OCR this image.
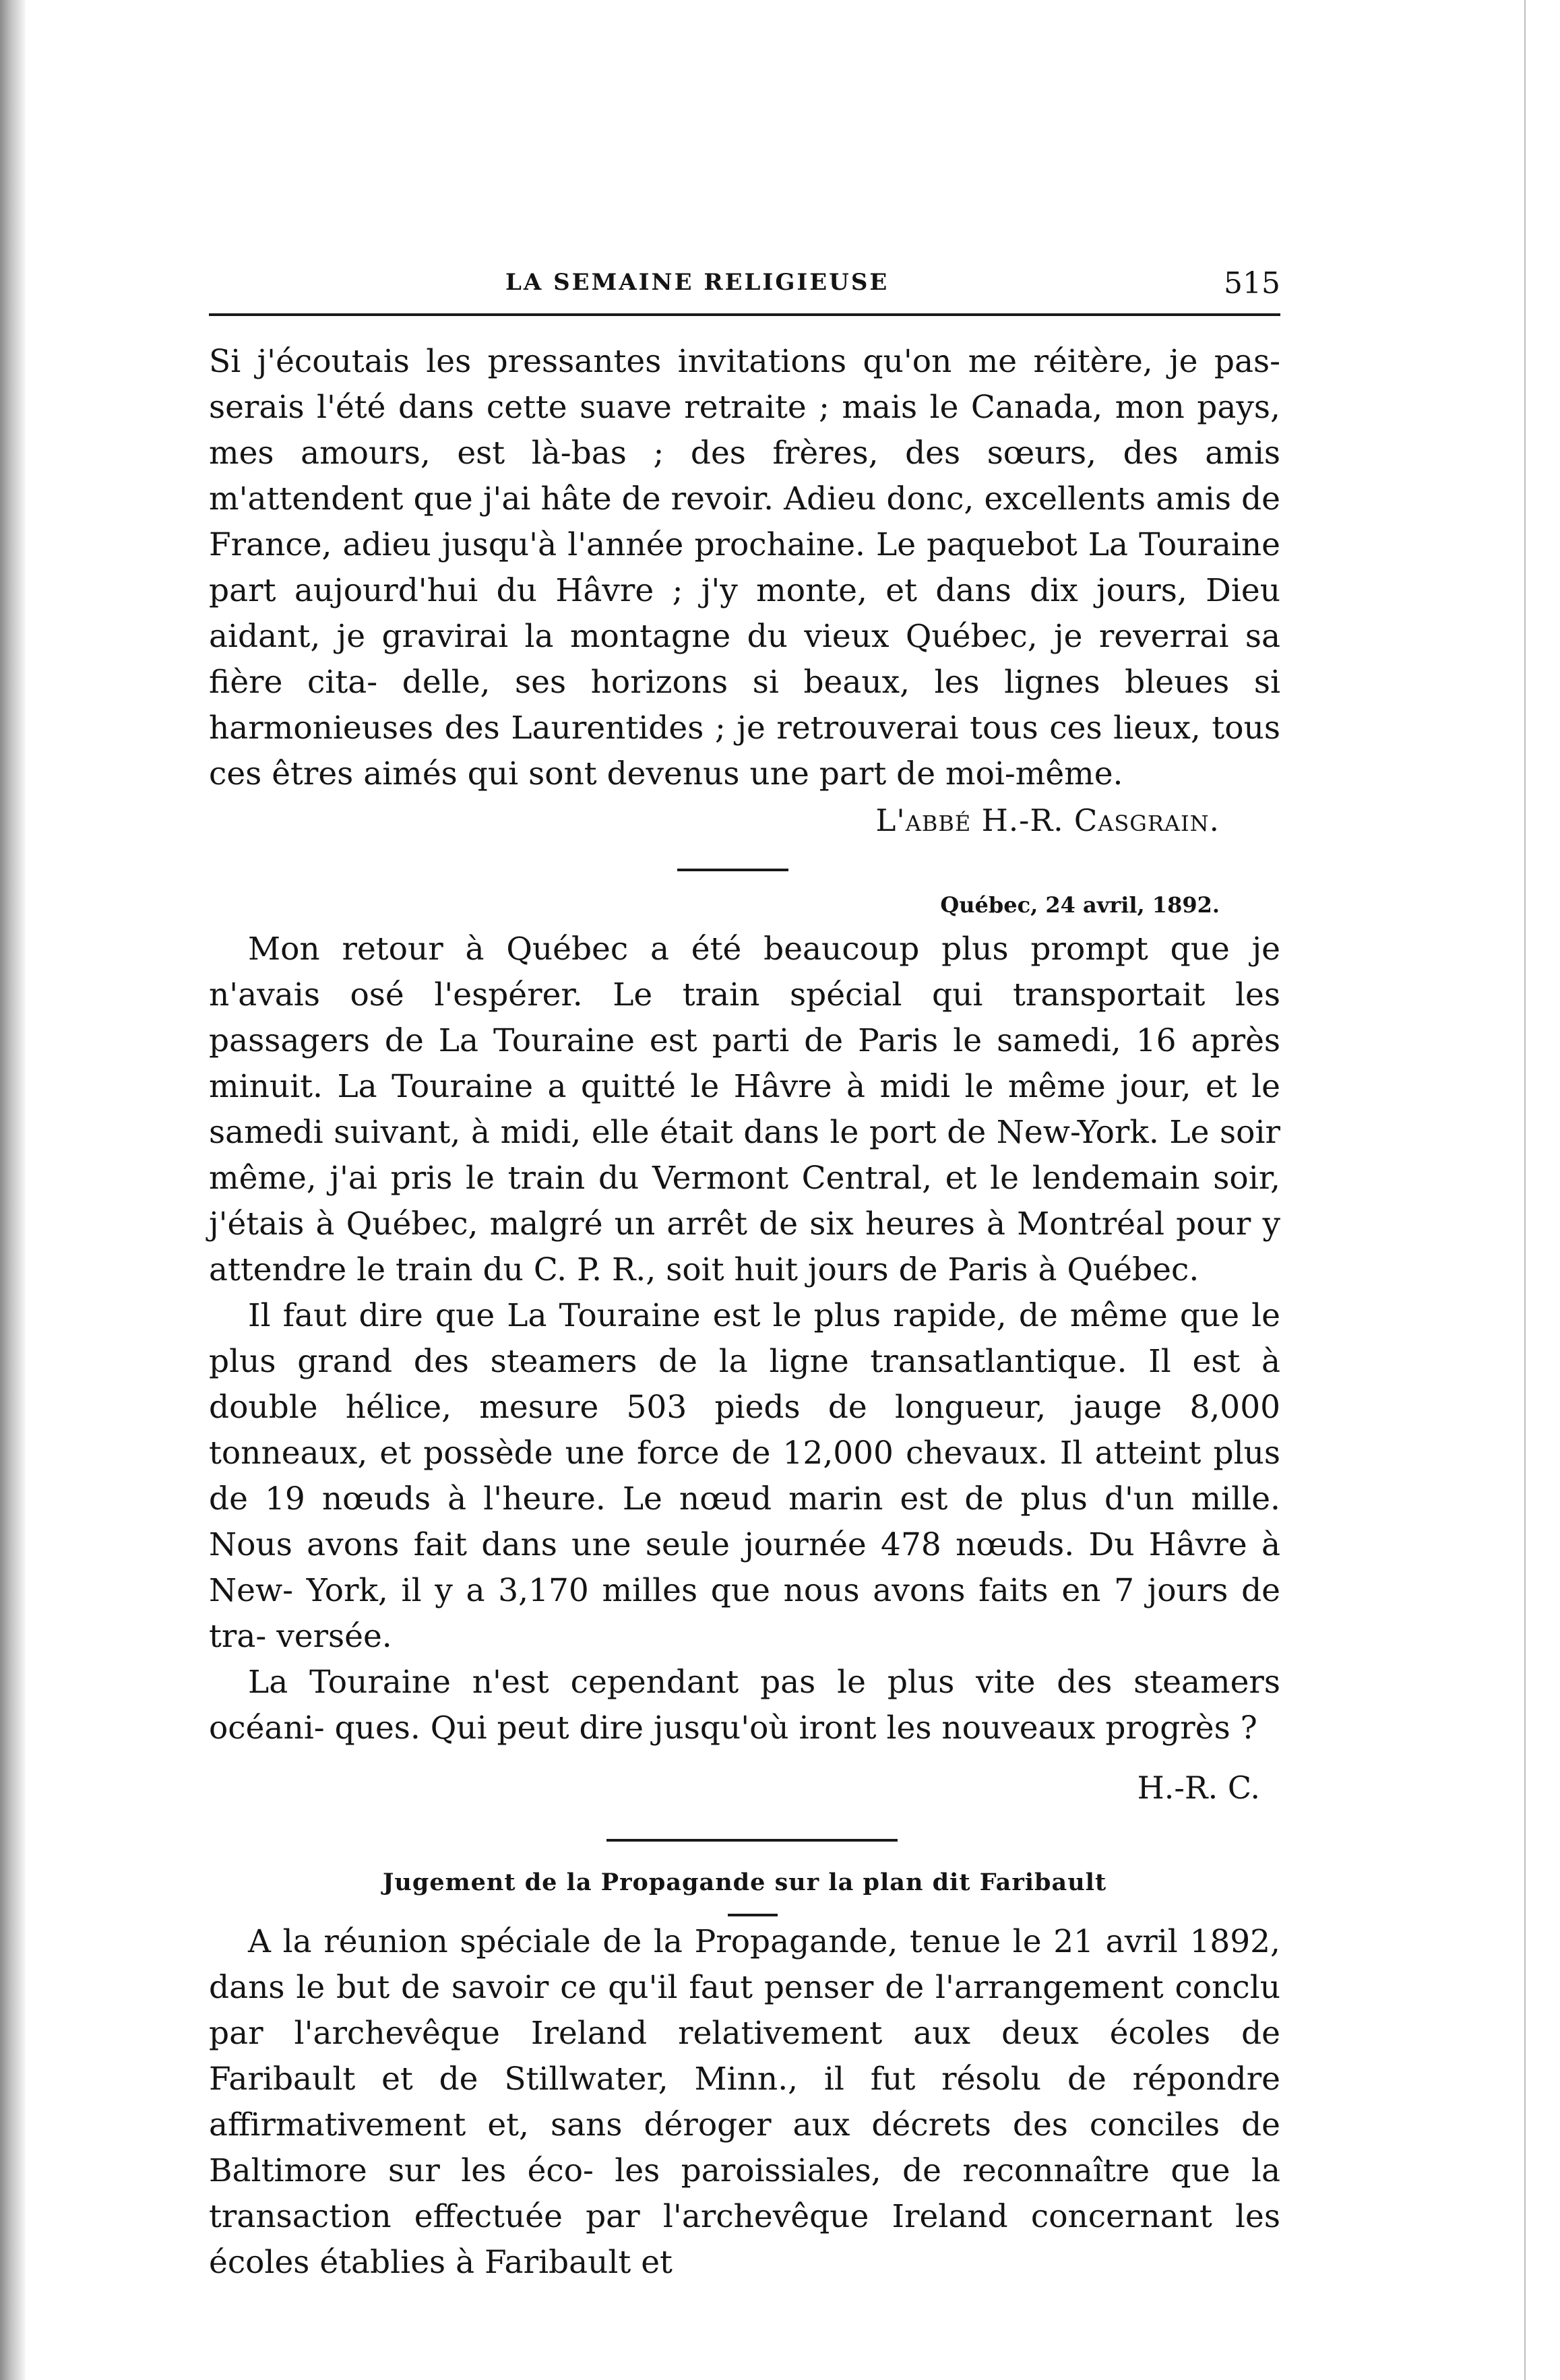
LA SEMAINE RELIGIEUSE	515

Si j'écoutais les pressantes invitations qu'on me réitère, je pas- serais l'été dans cette suave retraite ; mais le Canada, mon pays, mes amours, est là-bas ; des frères, des sœurs, des amis m'attendent que j'ai hâte de revoir. Adieu donc, excellents amis de France, adieu jusqu'à l'année prochaine. Le paquebot La Touraine part aujourd'hui du Hâvre ; j'y monte, et dans dix jours, Dieu aidant, je gravirai la montagne du vieux Québec, je reverrai sa fière cita- delle, ses horizons si beaux, les lignes bleues si harmonieuses des Laurentides ; je retrouverai tous ces lieux, tous ces êtres aimés qui sont devenus une part de moi-même.

L'abbé H.-R. Casgrain.
Québec, 24 avril, 1892.

Mon retour à Québec a été beaucoup plus prompt que je n'avais osé l'espérer. Le train spécial qui transportait les passagers de La Touraine est parti de Paris le samedi, 16 après minuit. La Touraine a quitté le Hâvre à midi le même jour, et le samedi suivant, à midi, elle était dans le port de New-York. Le soir même, j'ai pris le train du Vermont Central, et le lendemain soir, j'étais à Québec, malgré un arrêt de six heures à Montréal pour y attendre le train du C. P. R., soit huit jours de Paris à Québec.

Il faut dire que La Touraine est le plus rapide, de même que le plus grand des steamers de la ligne transatlantique. Il est à double hélice, mesure 503 pieds de longueur, jauge 8,000 tonneaux, et possède une force de 12,000 chevaux. Il atteint plus de 19 nœuds à l'heure. Le nœud marin est de plus d'un mille. Nous avons fait dans une seule journée 478 nœuds. Du Hâvre à New- York, il y a 3,170 milles que nous avons faits en 7 jours de tra- versée.

La Touraine n'est cependant pas le plus vite des steamers océani- ques. Qui peut dire jusqu'où iront les nouveaux progrès ?

H.-R. C.
Jugement de la Propagande sur la plan dit Faribault

A la réunion spéciale de la Propagande, tenue le 21 avril 1892, dans le but de savoir ce qu'il faut penser de l'arrangement conclu par l'archevêque Ireland relativement aux deux écoles de Faribault et de Stillwater, Minn., il fut résolu de répondre affirmativement et, sans déroger aux décrets des conciles de Baltimore sur les éco- les paroissiales, de reconnaître que la transaction effectuée par l'archevêque Ireland concernant les écoles établies à Faribault et
